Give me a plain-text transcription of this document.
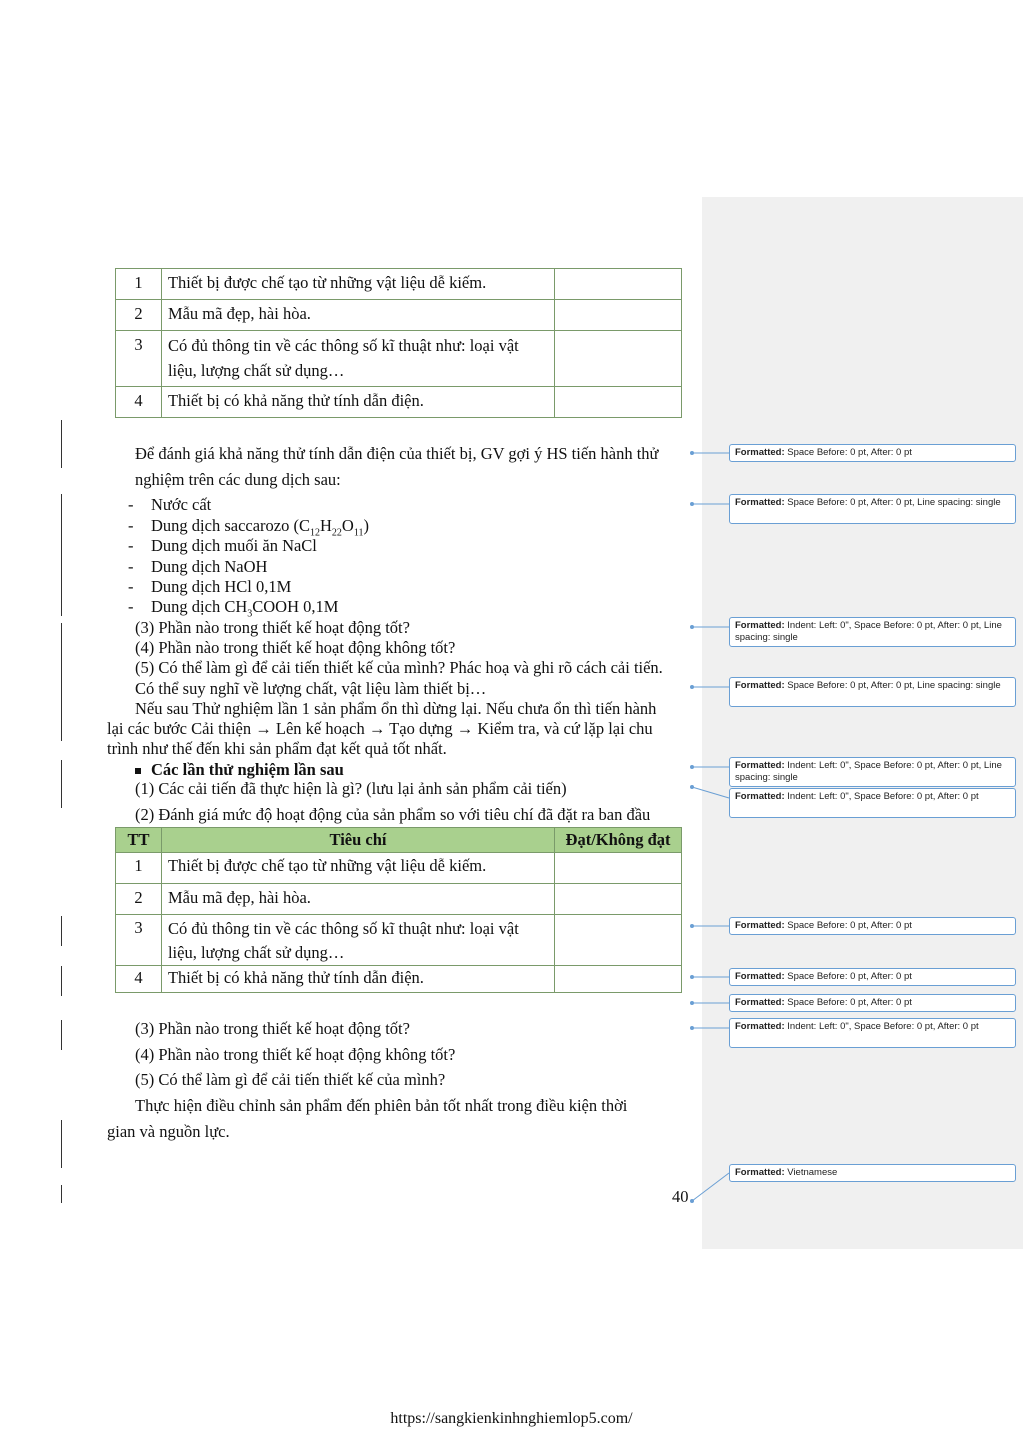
1	Thiết bị được chế tạo từ những vật liệu dễ kiếm.	
2	Mẫu mã đẹp, hài hòa.	
3	Có đủ thông tin về các thông số kĩ thuật như: loại vật
liệu, lượng chất sử dụng…	

4	Thiết bị có khả năng thử tính dẫn điện.	
Để đánh giá khả năng thử tính dẫn điện của thiết bị, GV gợi ý HS tiến hành thử
nghiệm trên các dung dịch sau:
- Nước cất
- Dung dịch saccarozo $(C_{12}H_{22}O_{11})$
- Dung dịch muối ăn NaCl
- Dung dịch NaOH
- Dung dịch HCl 0,1M
- Dung dịch $CH_3COOH$ 0,1M
(3) Phần nào trong thiết kế hoạt động tốt?
(4) Phần nào trong thiết kế hoạt động không tốt?
(5) Có thể làm gì để cải tiến thiết kế của mình? Phác hoạ và ghi rõ cách cải tiến.
Có thể suy nghĩ về lượng chất, vật liệu làm thiết bị…
Nếu sau Thử nghiệm lần 1 sản phẩm ổn thì dừng lại. Nếu chưa ổn thì tiến hành
lại các bước Cải thiện → Lên kế hoạch → Tạo dựng → Kiểm tra, và cứ lặp lại chu
trình như thế đến khi sản phẩm đạt kết quả tốt nhất.
Các lần thử nghiệm lần sau
(1) Các cải tiến đã thực hiện là gì? (lưu lại ảnh sản phẩm cải tiến)
(2) Đánh giá mức độ hoạt động của sản phẩm so với tiêu chí đã đặt ra ban đầu
TT	Tiêu chí	Đạt/Không đạt
1	Thiết bị được chế tạo từ những vật liệu dễ kiếm.	
2	Mẫu mã đẹp, hài hòa.	
3	Có đủ thông tin về các thông số kĩ thuật như: loại vật
liệu, lượng chất sử dụng…	

4	Thiết bị có khả năng thử tính dẫn điện.	
(3) Phần nào trong thiết kế hoạt động tốt?
(4) Phần nào trong thiết kế hoạt động không tốt?
(5) Có thể làm gì để cải tiến thiết kế của mình?
Thực hiện điều chỉnh sản phẩm đến phiên bản tốt nhất trong điều kiện thời
gian và nguồn lực.
40
Formatted: Space Before: 0 pt, After: 0 pt
Formatted: Space Before: 0 pt, After: 0 pt, Line spacing: single
Formatted: Indent: Left: 0", Space Before: 0 pt, After: 0 pt, Line spacing: single
Formatted: Space Before: 0 pt, After: 0 pt, Line spacing: single
Formatted: Indent: Left: 0", Space Before: 0 pt, After: 0 pt, Line spacing: single
Formatted: Indent: Left: 0", Space Before: 0 pt, After: 0 pt
Formatted: Space Before: 0 pt, After: 0 pt
Formatted: Space Before: 0 pt, After: 0 pt
Formatted: Space Before: 0 pt, After: 0 pt
Formatted: Indent: Left: 0", Space Before: 0 pt, After: 0 pt
Formatted: Vietnamese
https://sangkienkinhnghiemlop5.com/
